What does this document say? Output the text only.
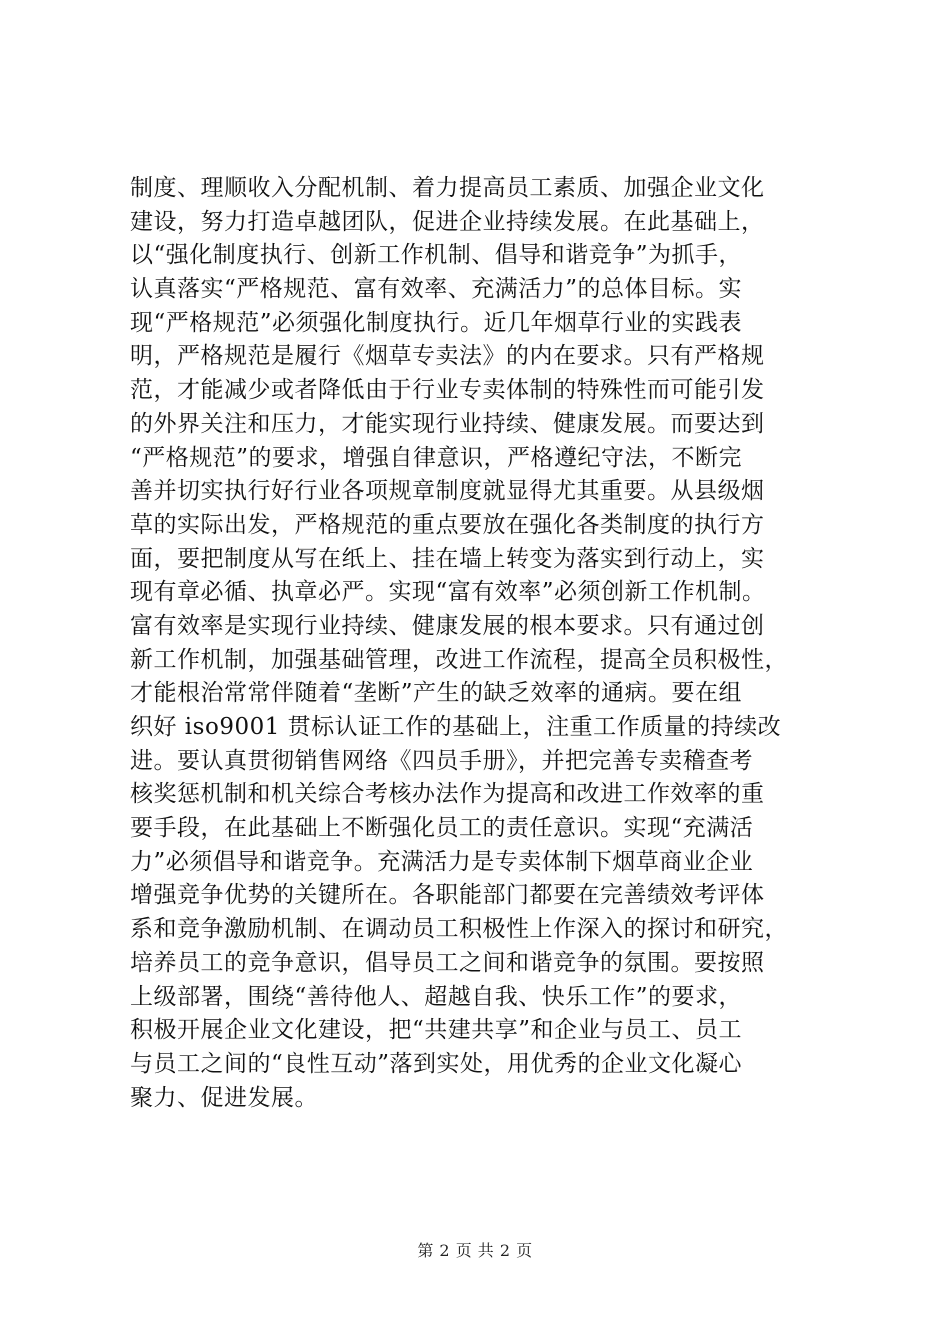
制度、理顺收入分配机制、着力提高员工素质、加强企业文化
建设，努力打造卓越团队，促进企业持续发展。在此基础上，
以“强化制度执行、创新工作机制、倡导和谐竞争”为抓手，
认真落实“严格规范、富有效率、充满活力”的总体目标。实
现“严格规范”必须强化制度执行。近几年烟草行业的实践表
明，严格规范是履行《烟草专卖法》的内在要求。只有严格规
范，才能减少或者降低由于行业专卖体制的特殊性而可能引发
的外界关注和压力，才能实现行业持续、健康发展。而要达到
“严格规范”的要求，增强自律意识，严格遵纪守法，不断完
善并切实执行好行业各项规章制度就显得尤其重要。从县级烟
草的实际出发，严格规范的重点要放在强化各类制度的执行方
面，要把制度从写在纸上、挂在墙上转变为落实到行动上，实
现有章必循、执章必严。实现“富有效率”必须创新工作机制。
富有效率是实现行业持续、健康发展的根本要求。只有通过创
新工作机制，加强基础管理，改进工作流程，提高全员积极性，
才能根治常常伴随着“垄断”产生的缺乏效率的通病。要在组
织好 iso9001 贯标认证工作的基础上，注重工作质量的持续改
进。要认真贯彻销售网络《四员手册》，并把完善专卖稽查考
核奖惩机制和机关综合考核办法作为提高和改进工作效率的重
要手段，在此基础上不断强化员工的责任意识。实现“充满活
力”必须倡导和谐竞争。充满活力是专卖体制下烟草商业企业
增强竞争优势的关键所在。各职能部门都要在完善绩效考评体
系和竞争激励机制、在调动员工积极性上作深入的探讨和研究，
培养员工的竞争意识，倡导员工之间和谐竞争的氛围。要按照
上级部署，围绕“善待他人、超越自我、快乐工作”的要求，
积极开展企业文化建设，把“共建共享”和企业与员工、员工
与员工之间的“良性互动”落到实处，用优秀的企业文化凝心
聚力、促进发展。
第 2 页 共 2 页
